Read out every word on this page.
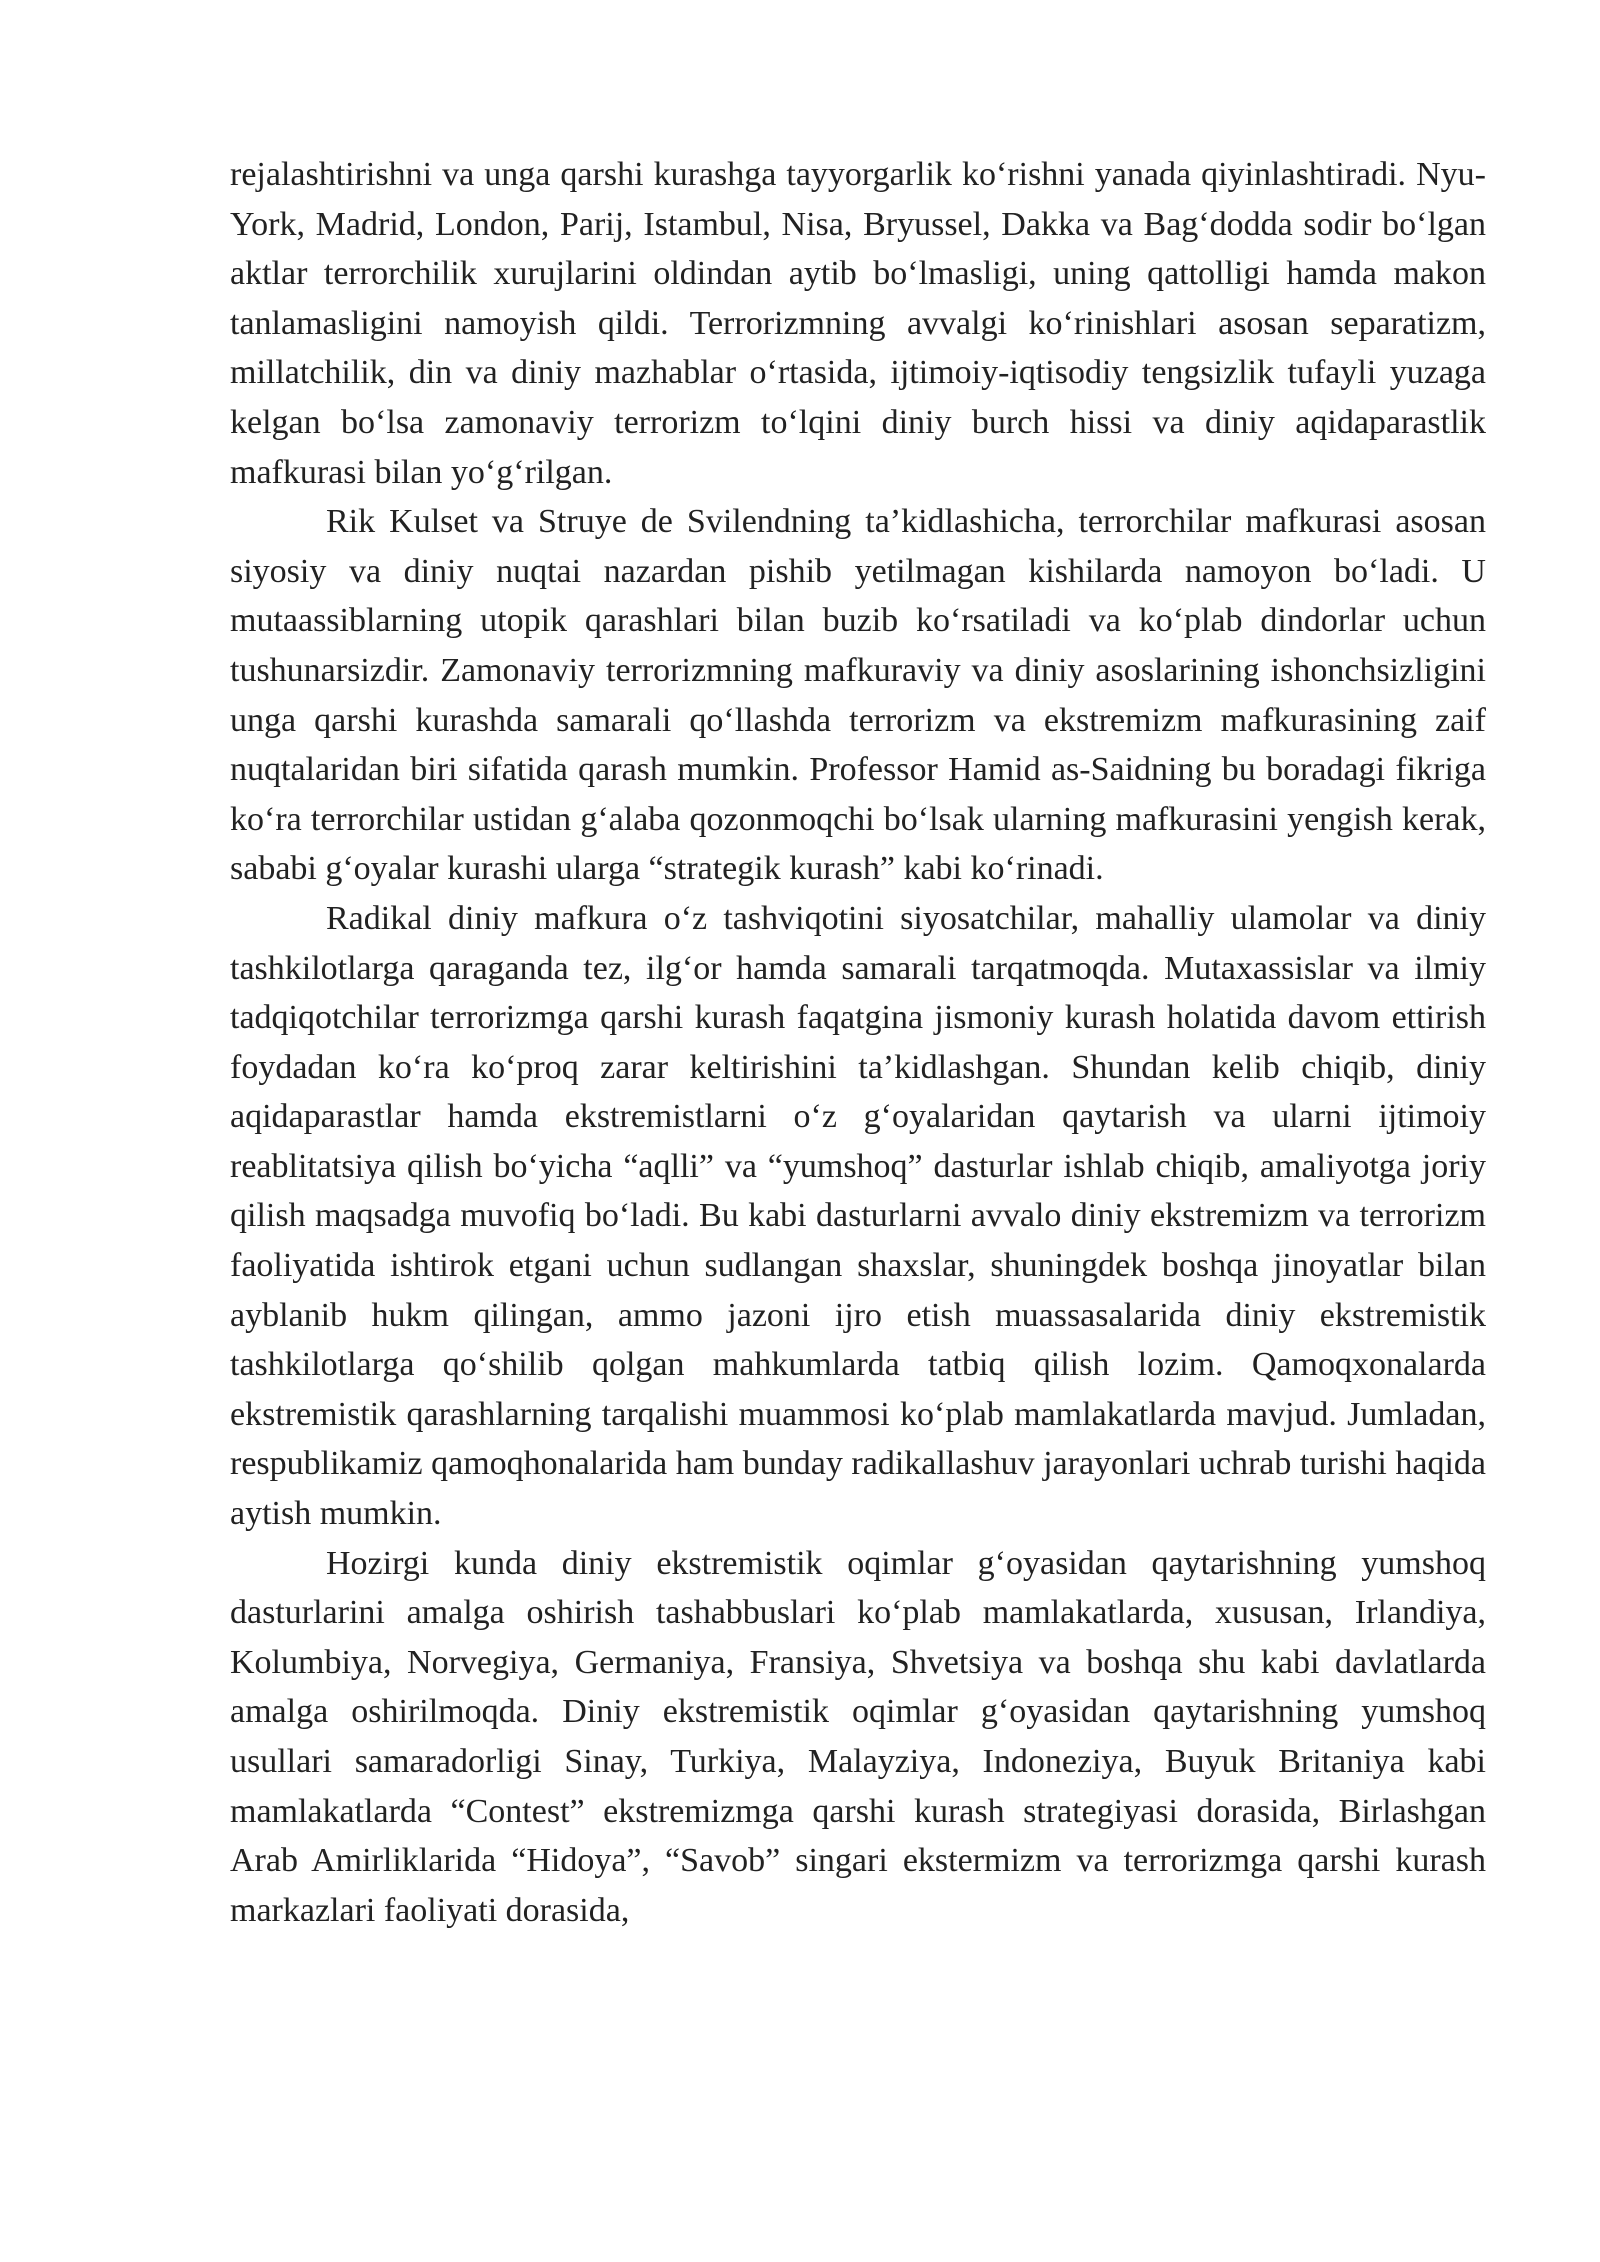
rejalashtirishni va unga qarshi kurashga tayyorgarlik ko‘rishni yanada qiyinlashtiradi. Nyu-York, Madrid, London, Parij, Istambul, Nisa, Bryussel, Dakka va Bag‘dodda sodir bo‘lgan aktlar terrorchilik xurujlarini oldindan aytib bo‘lmasligi, uning qattolligi hamda makon tanlamasligini namoyish qildi. Terrorizmning avvalgi ko‘rinishlari asosan separatizm, millatchilik, din va diniy mazhablar o‘rtasida, ijtimoiy-iqtisodiy tengsizlik tufayli yuzaga kelgan bo‘lsa zamonaviy terrorizm to‘lqini diniy burch hissi va diniy aqidaparastlik mafkurasi bilan yo‘g‘rilgan.

Rik Kulset va Struye de Svilendning ta’kidlashicha, terrorchilar mafkurasi asosan siyosiy va diniy nuqtai nazardan pishib yetilmagan kishilarda namoyon bo‘ladi. U mutaassiblarning utopik qarashlari bilan buzib ko‘rsatiladi va ko‘plab dindorlar uchun tushunarsizdir. Zamonaviy terrorizmning mafkuraviy va diniy asoslarining ishonchsizligini unga qarshi kurashda samarali qo‘llashda terrorizm va ekstremizm mafkurasining zaif nuqtalaridan biri sifatida qarash mumkin. Professor Hamid as-Saidning bu boradagi fikriga ko‘ra terrorchilar ustidan g‘alaba qozonmoqchi bo‘lsak ularning mafkurasini yengish kerak, sababi g‘oyalar kurashi ularga “strategik kurash” kabi ko‘rinadi.

Radikal diniy mafkura o‘z tashviqotini siyosatchilar, mahalliy ulamolar va diniy tashkilotlarga qaraganda tez, ilg‘or hamda samarali tarqatmoqda. Mutaxassislar va ilmiy tadqiqotchilar terrorizmga qarshi kurash faqatgina jismoniy kurash holatida davom ettirish foydadan ko‘ra ko‘proq zarar keltirishini ta’kidlashgan. Shundan kelib chiqib, diniy aqidaparastlar hamda ekstremistlarni o‘z g‘oyalaridan qaytarish va ularni ijtimoiy reablitatsiya qilish bo‘yicha “aqlli” va “yumshoq” dasturlar ishlab chiqib, amaliyotga joriy qilish maqsadga muvofiq bo‘ladi. Bu kabi dasturlarni avvalo diniy ekstremizm va terrorizm faoliyatida ishtirok etgani uchun sudlangan shaxslar, shuningdek boshqa jinoyatlar bilan ayblanib hukm qilingan, ammo jazoni ijro etish muassasalarida diniy ekstremistik tashkilotlarga qo‘shilib qolgan mahkumlarda tatbiq qilish lozim. Qamoqxonalarda ekstremistik qarashlarning tarqalishi muammosi ko‘plab mamlakatlarda mavjud. Jumladan, respublikamiz qamoqhonalarida ham bunday radikallashuv jarayonlari uchrab turishi haqida aytish mumkin.

Hozirgi kunda diniy ekstremistik oqimlar g‘oyasidan qaytarishning yumshoq dasturlarini amalga oshirish tashabbuslari ko‘plab mamlakatlarda, xususan, Irlandiya, Kolumbiya, Norvegiya, Germaniya, Fransiya, Shvetsiya va boshqa shu kabi davlatlarda amalga oshirilmoqda. Diniy ekstremistik oqimlar g‘oyasidan qaytarishning yumshoq usullari samaradorligi Sinay, Turkiya, Malayziya, Indoneziya, Buyuk Britaniya kabi mamlakatlarda “Contest” ekstremizmga qarshi kurash strategiyasi dorasida, Birlashgan Arab Amirliklarida “Hidoya”, “Savob” singari ekstermizm va terrorizmga qarshi kurash markazlari faoliyati dorasida,
